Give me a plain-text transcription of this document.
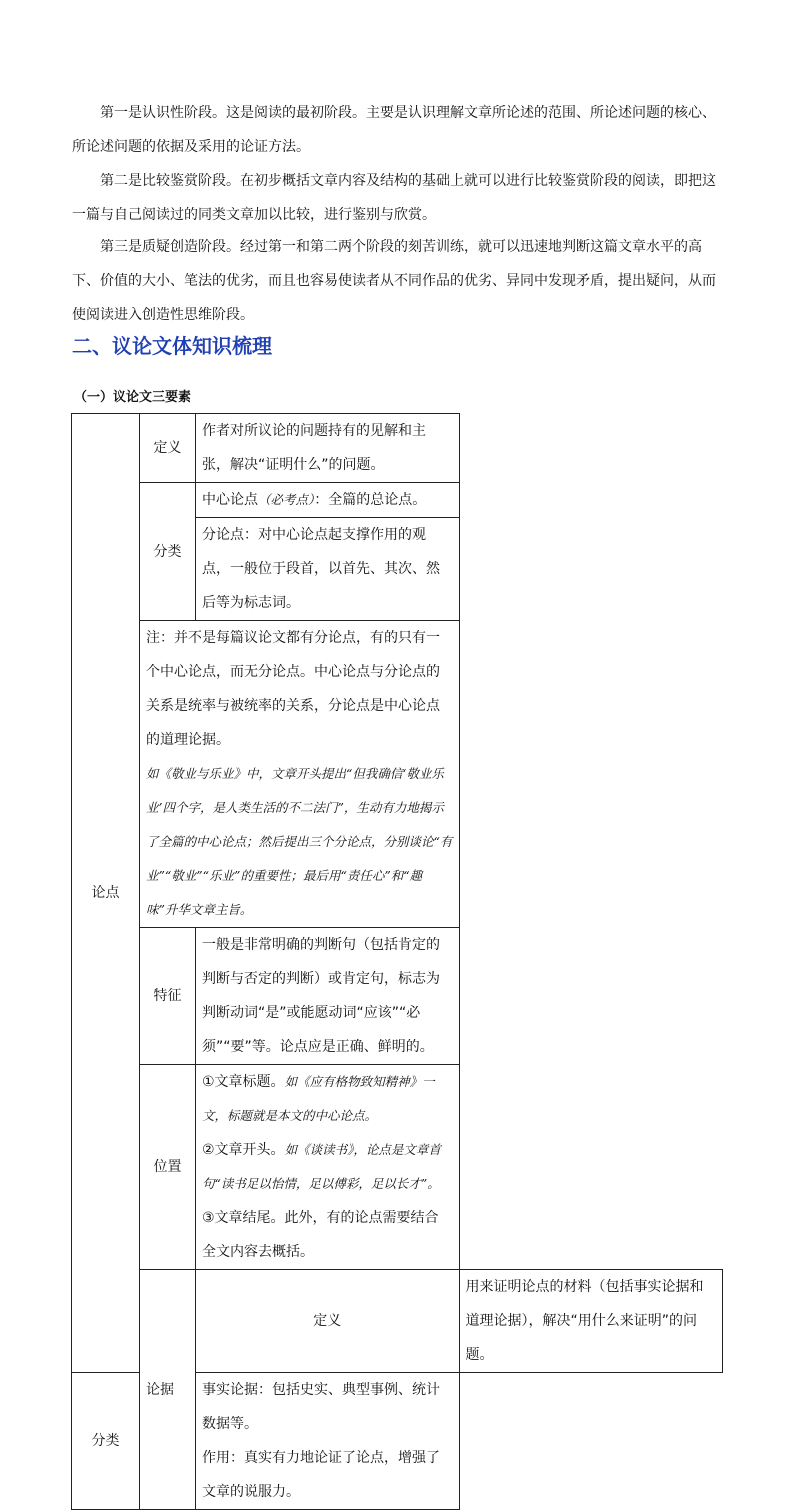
第一是认识性阶段。这是阅读的最初阶段。主要是认识理解文章所论述的范围、所论述问题的核心、所论述问题的依据及采用的论证方法。

第二是比较鉴赏阶段。在初步概括文章内容及结构的基础上就可以进行比较鉴赏阶段的阅读，即把这一篇与自己阅读过的同类文章加以比较，进行鉴别与欣赏。

第三是质疑创造阶段。经过第一和第二两个阶段的刻苦训练，就可以迅速地判断这篇文章水平的高下、价值的大小、笔法的优劣，而且也容易使读者从不同作品的优劣、异同中发现矛盾，提出疑问，从而使阅读进入创造性思维阶段。

二、议论文体知识梳理

（一）议论文三要素

论点	定义	作者对所议论的问题持有的见解和主张，解决“证明什么”的问题。	
	分类	中心论点（必考点）：全篇的总论点。	
		分论点：对中心论点起支撑作用的观点，一般位于段首，以首先、其次、然后等为标志词。	

	注：并不是每篇议论文都有分论点，有的只有一个中心论点，而无分论点。中心论点与分论点的关系是统率与被统率的关系，分论点是中心论点的道理论据。

如《敬业与乐业》中，文章开头提出“但我确信‘敬业乐业’四个字，是人类生活的不二法门”，生动有力地揭示了全篇的中心论点；然后提出三个分论点，分别谈论“有业”“敬业”“乐业”的重要性；最后用“责任心”和“趣味”升华文章主旨。		

	特征	一般是非常明确的判断句（包括肯定的判断与否定的判断）或肯定句，标志为判断动词“是”或能愿动词“应该”“必须”“要”等。论点应是正确、鲜明的。	
	位置	①文章标题。如《应有格物致知精神》一文，标题就是本文的中心论点。

②文章开头。如《谈读书》，论点是文章首句“读书足以怡情，足以傅彩，足以长才”。

③文章结尾。此外，有的论点需要结合全文内容去概括。	

	论据	定义	用来证明论点的材料（包括事实论据和道理论据），解决“用什么来证明”的问题。
分类		事实论据：包括史实、典型事例、统计数据等。

作用：真实有力地论证了论点，增强了文章的说服力。	
